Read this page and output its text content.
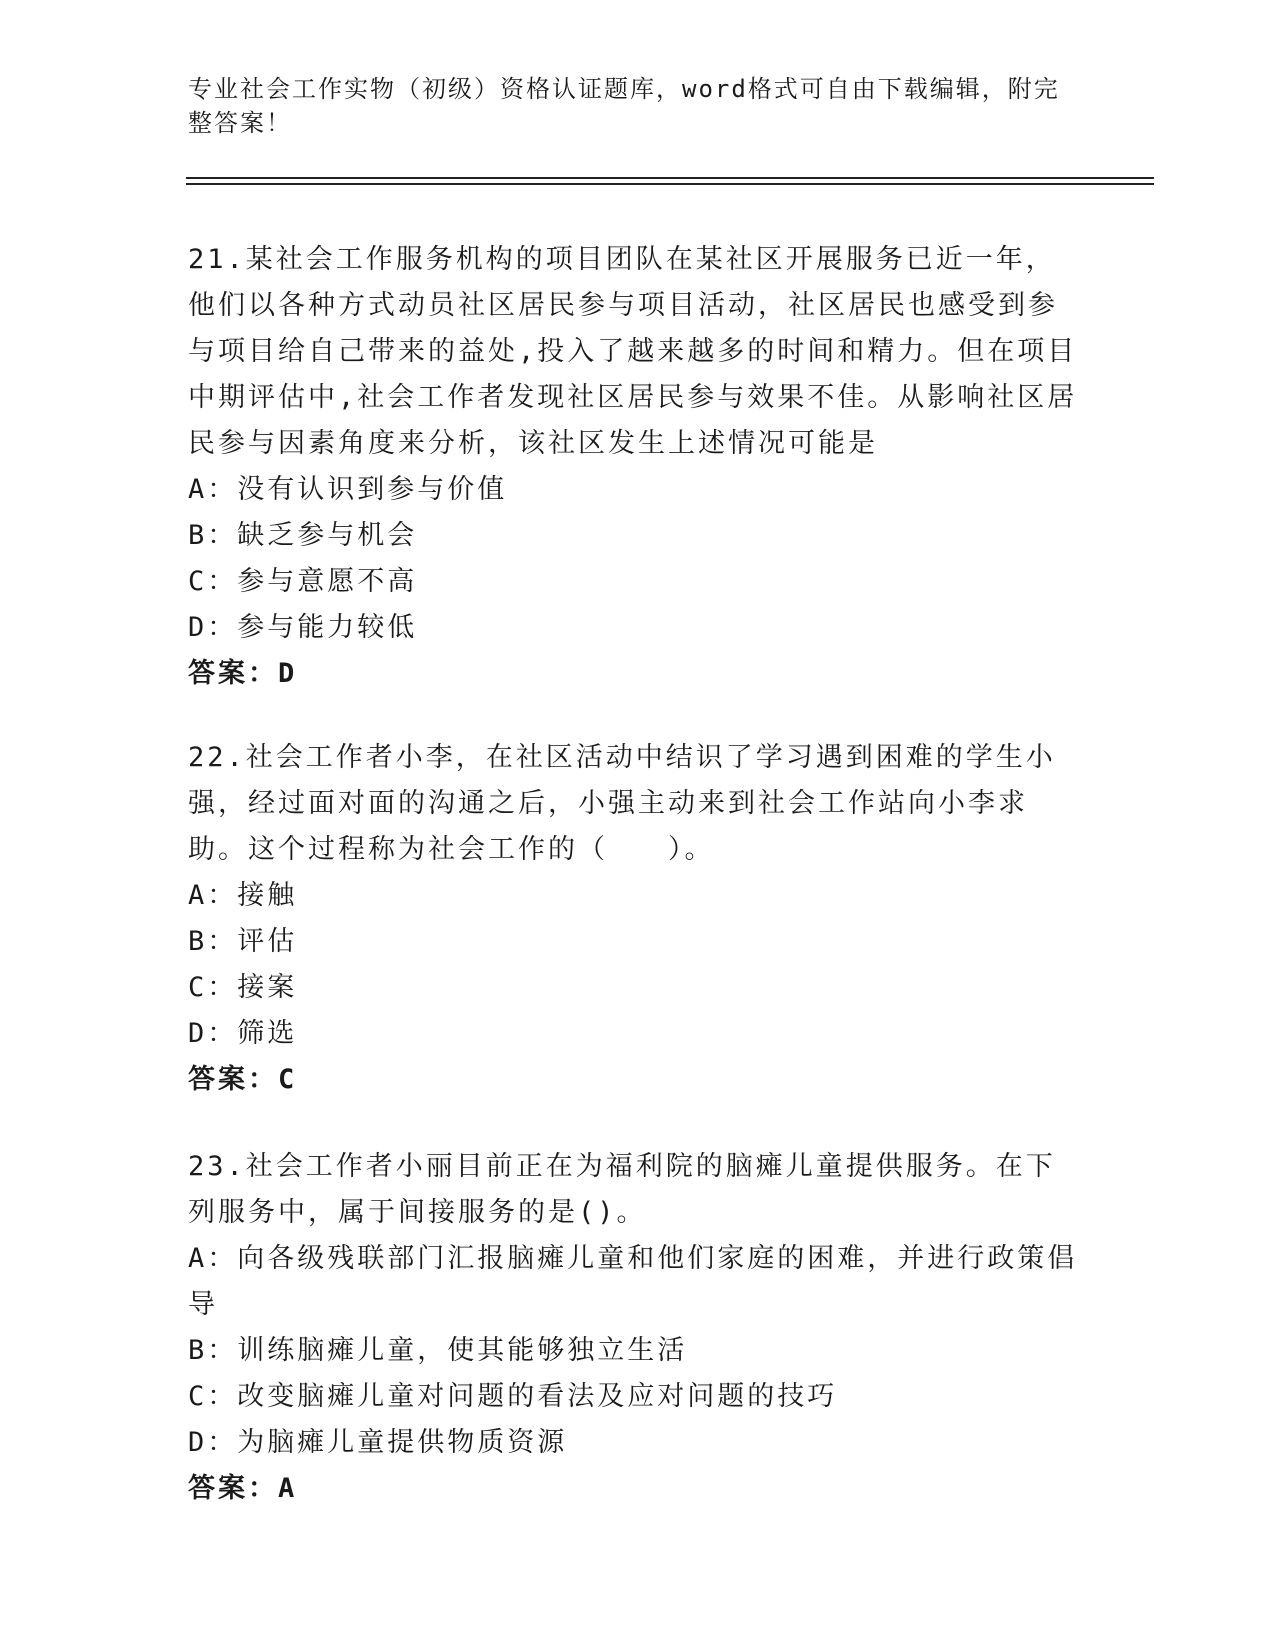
专业社会工作实物（初级）资格认证题库，word格式可自由下载编辑，附完整答案！

21.某社会工作服务机构的项目团队在某社区开展服务已近一年， 他们以各种方式动员社区居民参与项目活动，社区居民也感受到参与项目给自己带来的益处,投入了越来越多的时间和精力。但在项目中期评估中,社会工作者发现社区居民参与效果不佳。从影响社区居民参与因素角度来分析，该社区发生上述情况可能是

A：没有认识到参与价值

B：缺乏参与机会

C：参与意愿不高

D：参与能力较低

答案：D

22.社会工作者小李，在社区活动中结识了学习遇到困难的学生小强，经过面对面的沟通之后，小强主动来到社会工作站向小李求助。这个过程称为社会工作的（　　）。

A：接触

B：评估

C：接案

D：筛选

答案：C

23.社会工作者小丽目前正在为福利院的脑瘫儿童提供服务。在下列服务中，属于间接服务的是()。

A：向各级残联部门汇报脑瘫儿童和他们家庭的困难，并进行政策倡导

B：训练脑瘫儿童，使其能够独立生活

C：改变脑瘫儿童对问题的看法及应对问题的技巧

D：为脑瘫儿童提供物质资源

答案：A
